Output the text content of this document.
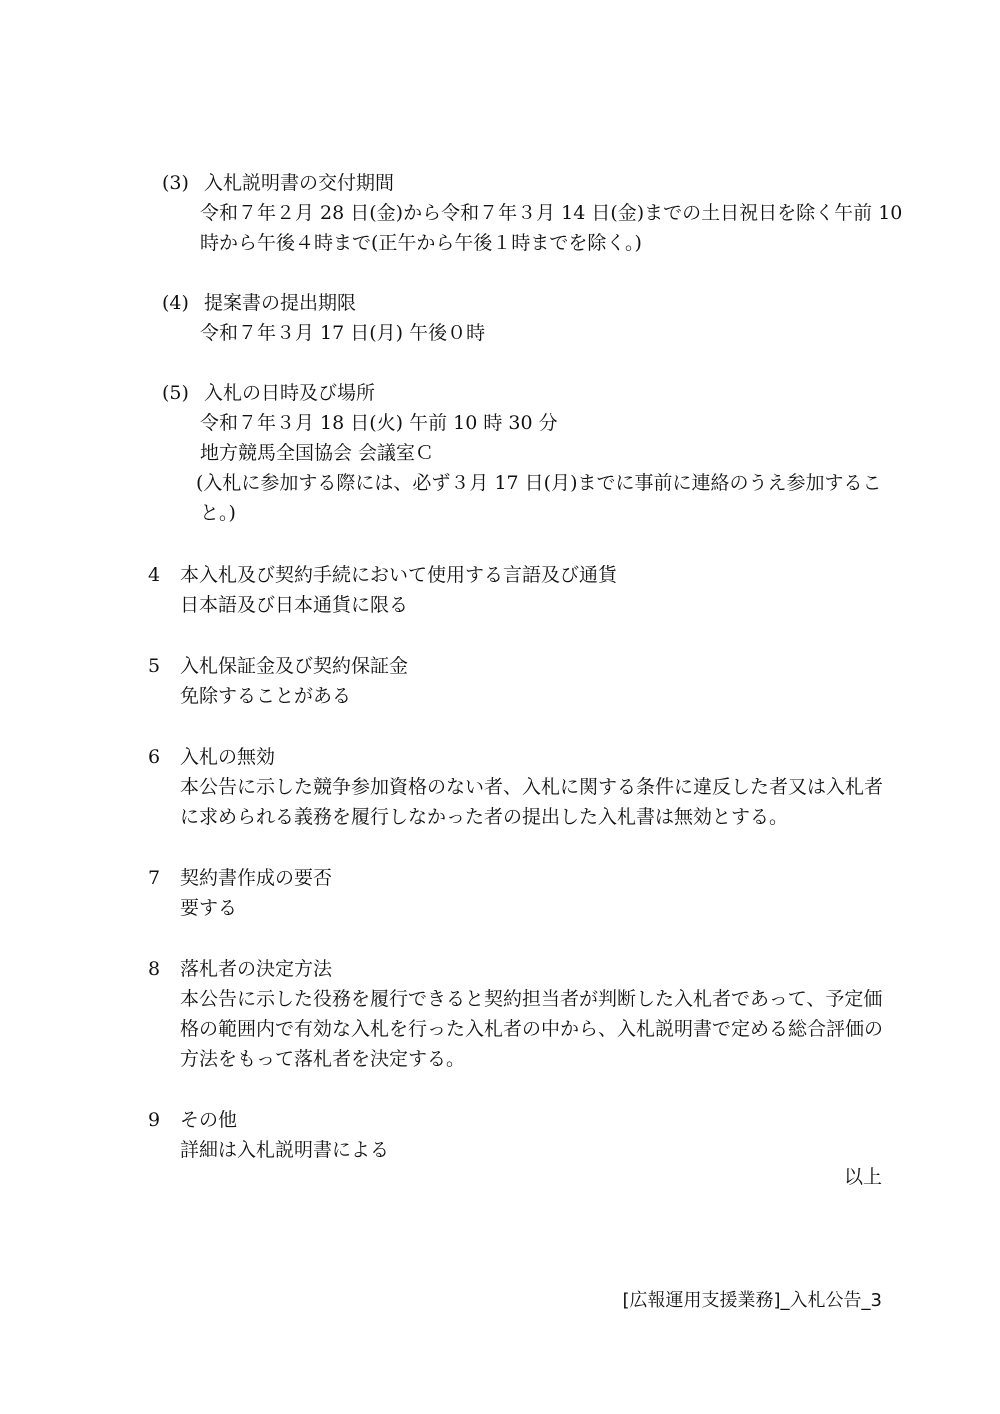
(3) 入札説明書の交付期間
令和７年２月 28 日(金)から令和７年３月 14 日(金)までの土日祝日を除く午前 10
時から午後４時まで(正午から午後１時までを除く。)
(4) 提案書の提出期限
令和７年３月 17 日(月) 午後０時
(5) 入札の日時及び場所
令和７年３月 18 日(火) 午前 10 時 30 分
地方競馬全国協会 会議室Ｃ
(入札に参加する際には、必ず３月 17 日(月)までに事前に連絡のうえ参加するこ
と。)
4 本入札及び契約手続において使用する言語及び通貨
日本語及び日本通貨に限る
5 入札保証金及び契約保証金
免除することがある
6 入札の無効
本公告に示した競争参加資格のない者、入札に関する条件に違反した者又は入札者
に求められる義務を履行しなかった者の提出した入札書は無効とする。
7 契約書作成の要否
要する
8 落札者の決定方法
本公告に示した役務を履行できると契約担当者が判断した入札者であって、予定価
格の範囲内で有効な入札を行った入札者の中から、入札説明書で定める総合評価の
方法をもって落札者を決定する。
9 その他
詳細は入札説明書による
以上
[広報運用支援業務]_入札公告_3
